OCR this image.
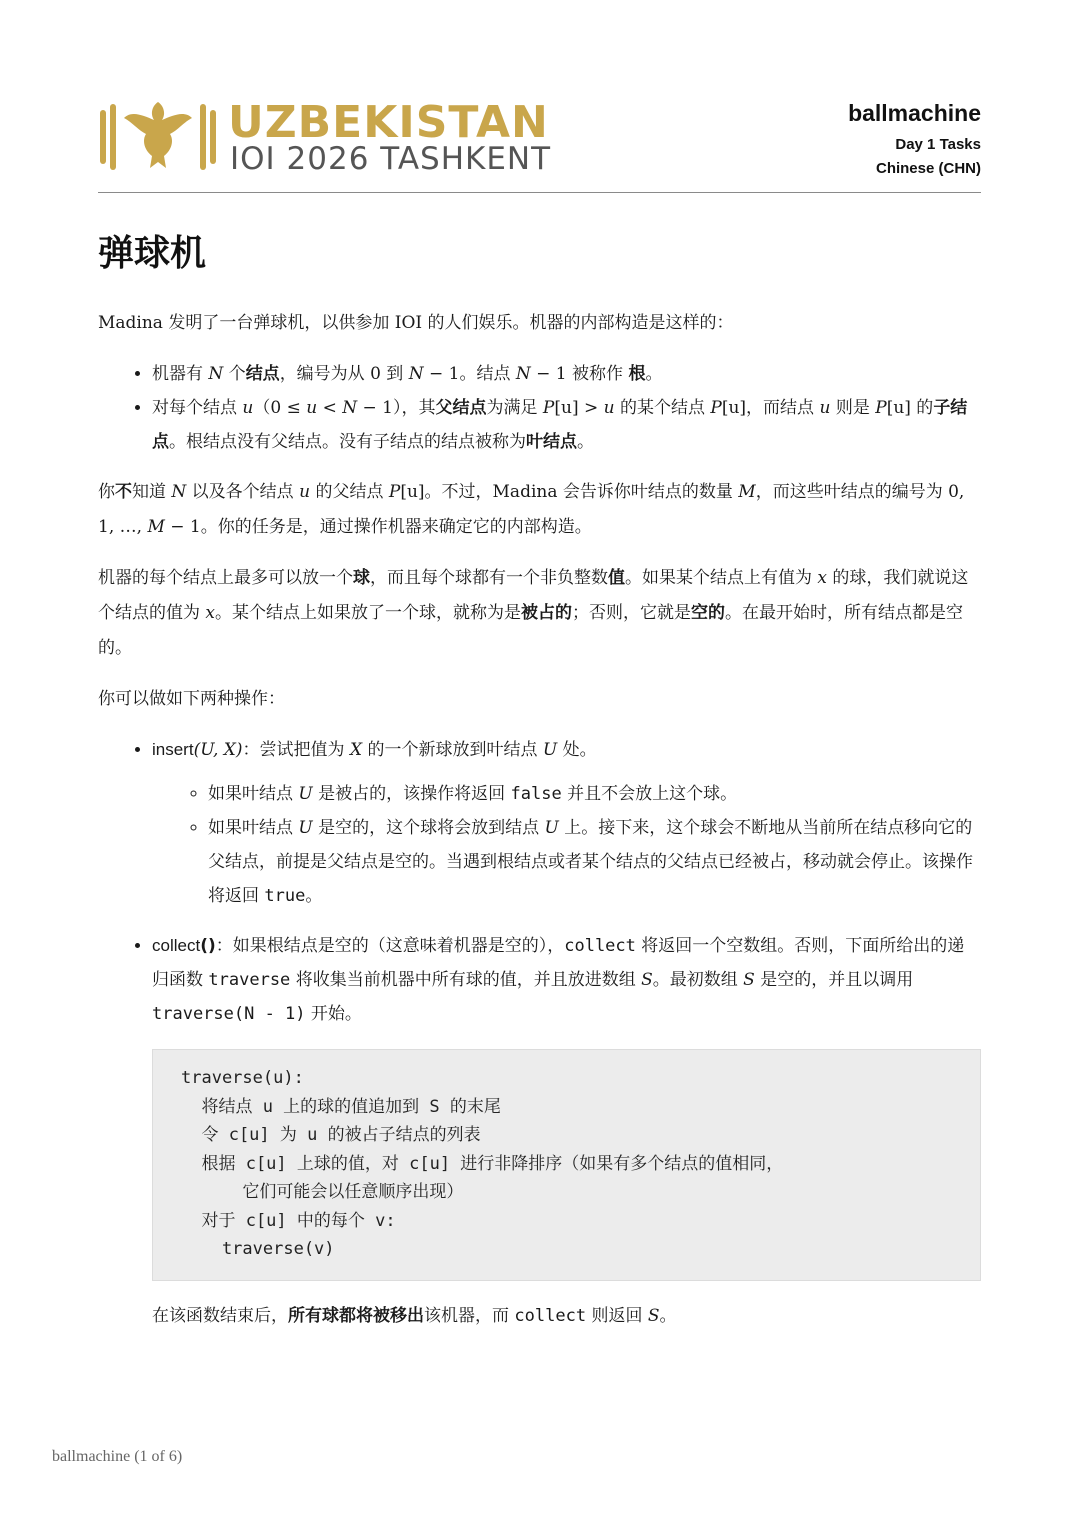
UZBEKISTAN
IOI 2026 TASHKENT
ballmachine
Day 1 Tasks
Chinese (CHN)
弹球机

Madina 发明了一台弹球机，以供参加 IOI 的人们娱乐。机器的内部构造是这样的：

• 机器有 N 个结点，编号为从 0 到 N − 1。结点 N − 1 被称作 根。
• 对每个结点 u（0 ≤ u < N − 1），其父结点为满足 P[u] > u 的某个结点 P[u]，而结点 u 则是 P[u] 的子结点。根结点没有父结点。没有子结点的结点被称为叶结点。

你不知道 N 以及各个结点 u 的父结点 P[u]。不过，Madina 会告诉你叶结点的数量 M，而这些叶结点的编号为 0, 1, …, M − 1。你的任务是，通过操作机器来确定它的内部构造。

机器的每个结点上最多可以放一个球，而且每个球都有一个非负整数值。如果某个结点上有值为 x 的球，我们就说这个结点的值为 x。某个结点上如果放了一个球，就称为是被占的；否则，它就是空的。在最开始时，所有结点都是空的。

你可以做如下两种操作：

• insert(U, X)：尝试把值为 X 的一个新球放到叶结点 U 处。
◦ 如果叶结点 U 是被占的，该操作将返回 false 并且不会放上这个球。
◦ 如果叶结点 U 是空的，这个球将会放到结点 U 上。接下来，这个球会不断地从当前所在结点移向它的父结点，前提是父结点是空的。当遇到根结点或者某个结点的父结点已经被占，移动就会停止。该操作将返回 true。
• collect()：如果根结点是空的（这意味着机器是空的），collect 将返回一个空数组。否则，下面所给出的递归函数 traverse 将收集当前机器中所有球的值，并且放进数组 S。最初数组 S 是空的，并且以调用 traverse(N - 1) 开始。
traverse(u):
将结点 u 上的球的值追加到 S 的末尾
令 c[u] 为 u 的被占子结点的列表
根据 c[u] 上球的值，对 c[u] 进行非降排序（如果有多个结点的值相同，
它们可能会以任意顺序出现）
对于 c[u] 中的每个 v:
traverse(v)

在该函数结束后，所有球都将被移出该机器，而 collect 则返回 S。

ballmachine (1 of 6)
